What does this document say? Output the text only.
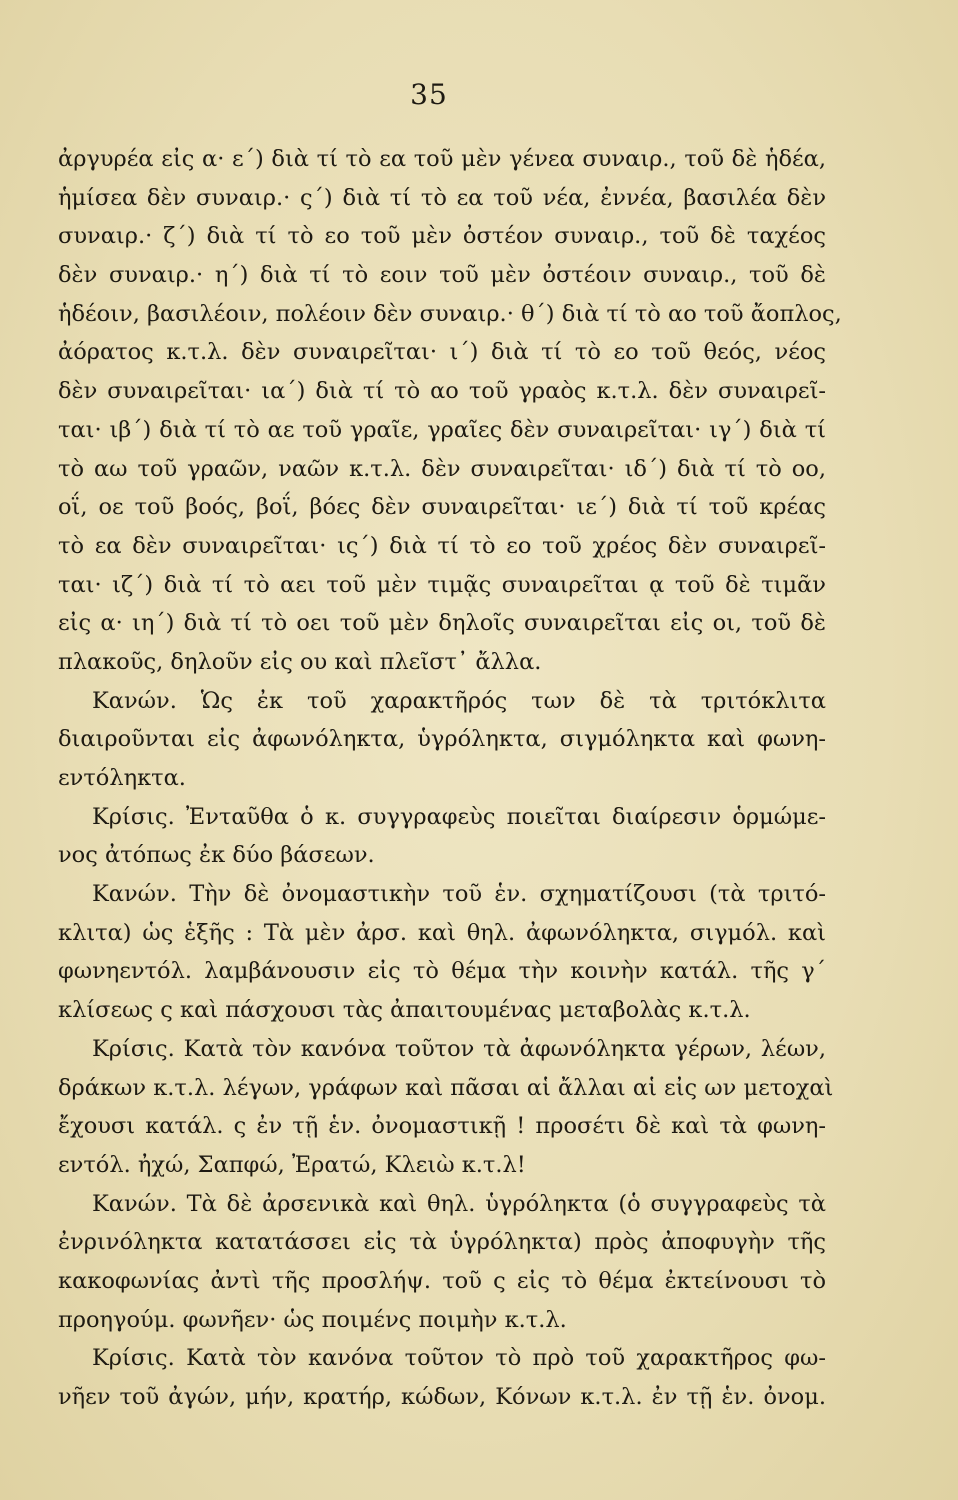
35
ἀργυρέα εἰς α· ε΄) διὰ τί τὸ εα τοῦ μὲν γένεα συναιρ., τοῦ δὲ ἡδέα,
ἡμίσεα δὲν συναιρ.· ς΄) διὰ τί τὸ εα τοῦ νέα, ἐννέα, βασιλέα δὲν
συναιρ.· ζ΄) διὰ τί τὸ εο τοῦ μὲν ὀστέον συναιρ., τοῦ δὲ ταχέος
δὲν συναιρ.· η΄) διὰ τί τὸ εοιν τοῦ μὲν ὀστέοιν συναιρ., τοῦ δὲ
ἡδέοιν, βασιλέοιν, πολέοιν δὲν συναιρ.· θ΄) διὰ τί τὸ αο τοῦ ἄοπλος,
ἀόρατος κ.τ.λ. δὲν συναιρεῖται· ι΄) διὰ τί τὸ εο τοῦ θεός, νέος
δὲν συναιρεῖται· ια΄) διὰ τί τὸ αο τοῦ γραὸς κ.τ.λ. δὲν συναιρεῖ-
ται· ιβ΄) διὰ τί τὸ αε τοῦ γραῖε, γραῖες δὲν συναιρεῖται· ιγ΄) διὰ τί
τὸ αω τοῦ γραῶν, ναῶν κ.τ.λ. δὲν συναιρεῖται· ιδ΄) διὰ τί τὸ οο,
οΐ, οε τοῦ βοός, βοΐ, βόες δὲν συναιρεῖται· ιε΄) διὰ τί τοῦ κρέας
τὸ εα δὲν συναιρεῖται· ις΄) διὰ τί τὸ εο τοῦ χρέος δὲν συναιρεῖ-
ται· ιζ΄) διὰ τί τὸ αει τοῦ μὲν τιμᾷς συναιρεῖται ᾳ τοῦ δὲ τιμᾶν
εἰς α· ιη΄) διὰ τί τὸ οει τοῦ μὲν δηλοῖς συναιρεῖται εἰς οι, τοῦ δὲ
πλακοῦς, δηλοῦν εἰς ου καὶ πλεῖστ᾿ ἄλλα.
Κανών. Ὡς ἐκ τοῦ χαρακτῆρός των δὲ τὰ τριτόκλιτα
διαιροῦνται εἰς ἀφωνόληκτα, ὑγρόληκτα, σιγμόληκτα καὶ φωνη-
εντόληκτα.
Κρίσις. Ἐνταῦθα ὁ κ. συγγραφεὺς ποιεῖται διαίρεσιν ὁρμώμε-
νος ἀτόπως ἐκ δύο βάσεων.
Κανών. Τὴν δὲ ὀνομαστικὴν τοῦ ἑν. σχηματίζουσι (τὰ τριτό-
κλιτα) ὡς ἑξῆς : Τὰ μὲν ἀρσ. καὶ θηλ. ἀφωνόληκτα, σιγμόλ. καὶ
φωνηεντόλ. λαμβάνουσιν εἰς τὸ θέμα τὴν κοινὴν κατάλ. τῆς γ΄
κλίσεως ς καὶ πάσχουσι τὰς ἀπαιτουμένας μεταβολὰς κ.τ.λ.
Κρίσις. Κατὰ τὸν κανόνα τοῦτον τὰ ἀφωνόληκτα γέρων, λέων,
δράκων κ.τ.λ. λέγων, γράφων καὶ πᾶσαι αἱ ἄλλαι αἱ εἰς ων μετοχαὶ
ἔχουσι κατάλ. ς ἐν τῇ ἑν. ὀνομαστικῇ ! προσέτι δὲ καὶ τὰ φωνη-
εντόλ. ἠχώ, Σαπφώ, Ἐρατώ, Κλειὼ κ.τ.λ!
Κανών. Τὰ δὲ ἀρσενικὰ καὶ θηλ. ὑγρόληκτα (ὁ συγγραφεὺς τὰ
ἐνρινόληκτα κατατάσσει εἰς τὰ ὑγρόληκτα) πρὸς ἀποφυγὴν τῆς
κακοφωνίας ἀντὶ τῆς προσλήψ. τοῦ ς εἰς τὸ θέμα ἐκτείνουσι τὸ
προηγούμ. φωνῆεν· ὡς ποιμένς ποιμὴν κ.τ.λ.
Κρίσις. Κατὰ τὸν κανόνα τοῦτον τὸ πρὸ τοῦ χαρακτῆρος φω-
νῆεν τοῦ ἀγών, μήν, κρατήρ, κώδων, Κόνων κ.τ.λ. ἐν τῇ ἑν. ὀνομ.
